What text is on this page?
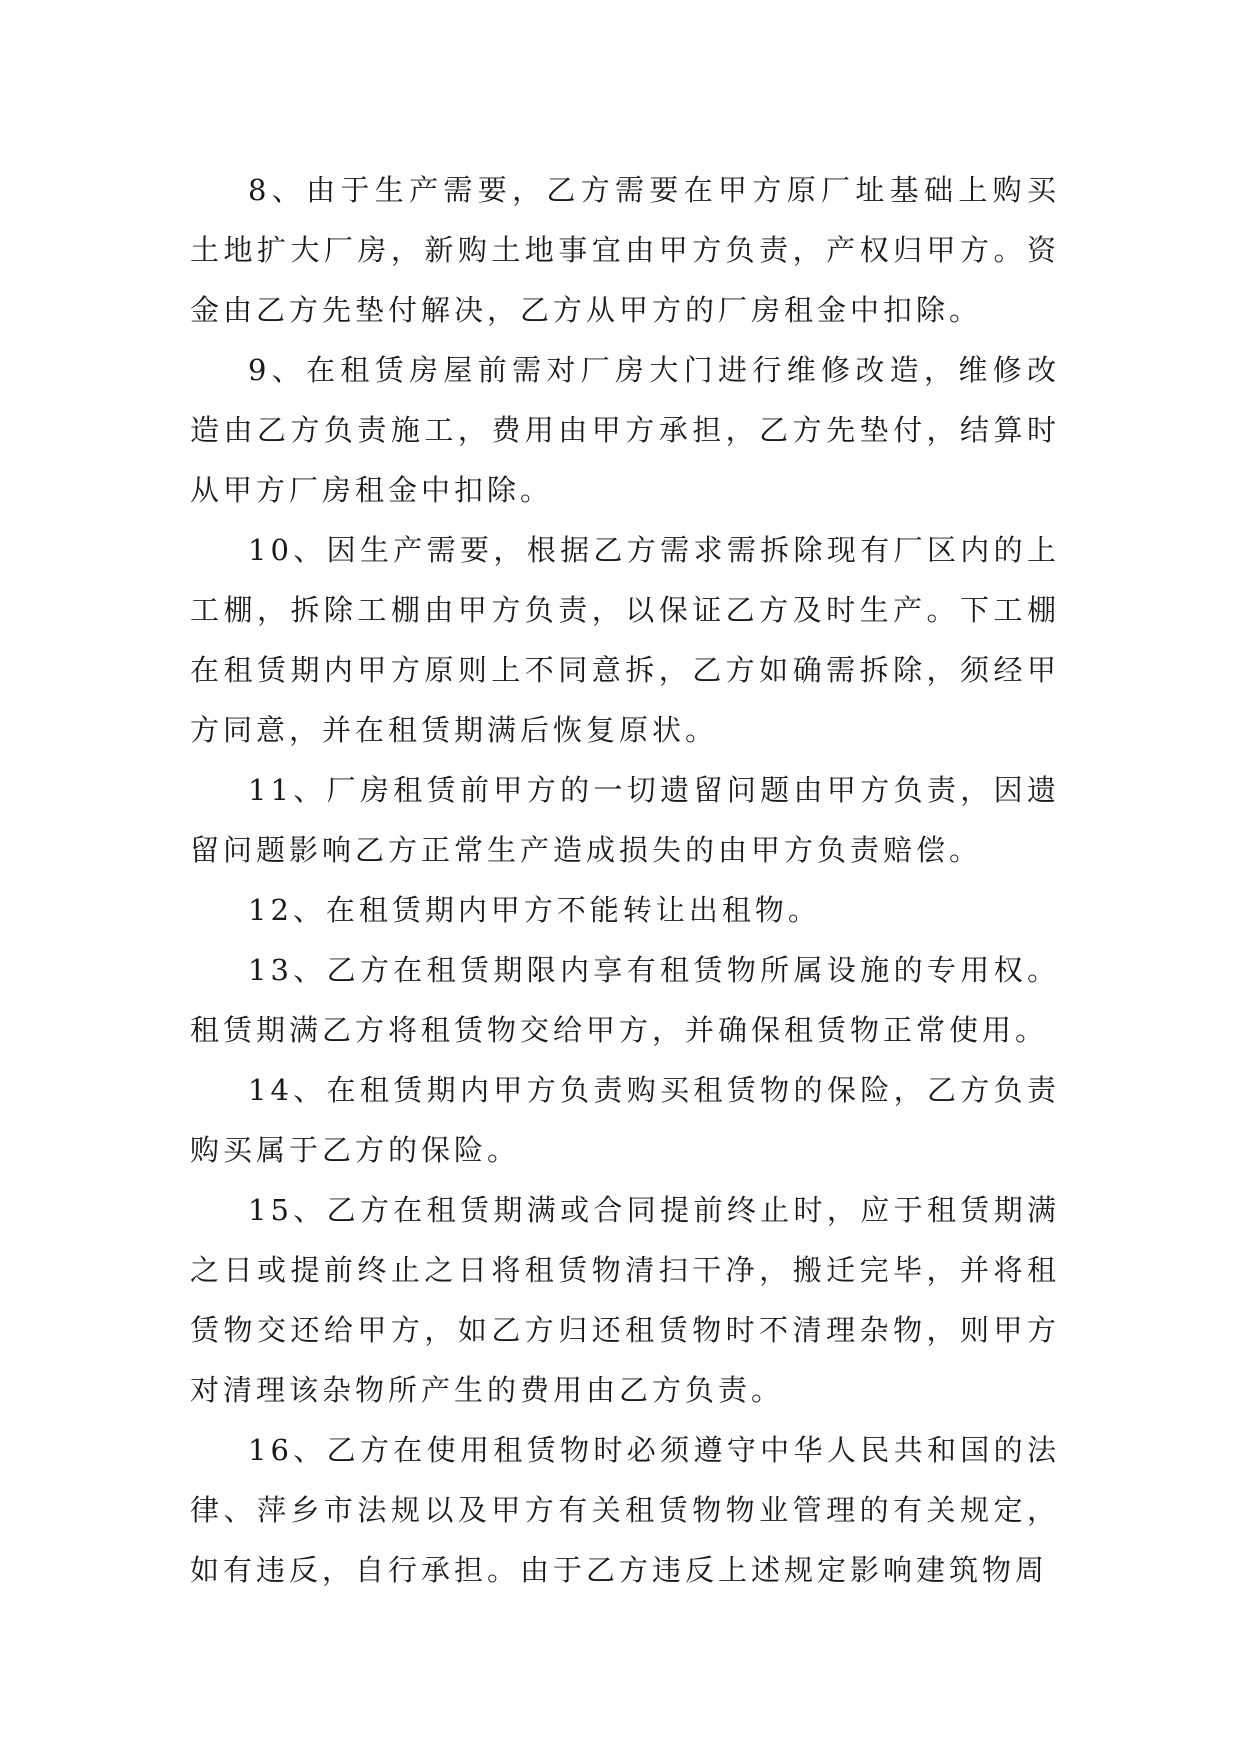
8、由于生产需要，乙方需要在甲方原厂址基础上购买土地扩大厂房，新购土地事宜由甲方负责，产权归甲方。资金由乙方先垫付解决，乙方从甲方的厂房租金中扣除。

9、在租赁房屋前需对厂房大门进行维修改造，维修改造由乙方负责施工，费用由甲方承担，乙方先垫付，结算时从甲方厂房租金中扣除。

10、因生产需要，根据乙方需求需拆除现有厂区内的上工棚，拆除工棚由甲方负责，以保证乙方及时生产。下工棚在租赁期内甲方原则上不同意拆，乙方如确需拆除，须经甲方同意，并在租赁期满后恢复原状。

11、厂房租赁前甲方的一切遗留问题由甲方负责，因遗留问题影响乙方正常生产造成损失的由甲方负责赔偿。

12、在租赁期内甲方不能转让出租物。

13、乙方在租赁期限内享有租赁物所属设施的专用权。租赁期满乙方将租赁物交给甲方，并确保租赁物正常使用。

14、在租赁期内甲方负责购买租赁物的保险，乙方负责购买属于乙方的保险。

15、乙方在租赁期满或合同提前终止时，应于租赁期满之日或提前终止之日将租赁物清扫干净，搬迁完毕，并将租赁物交还给甲方，如乙方归还租赁物时不清理杂物，则甲方对清理该杂物所产生的费用由乙方负责。

16、乙方在使用租赁物时必须遵守中华人民共和国的法律、萍乡市法规以及甲方有关租赁物物业管理的有关规定，如有违反，自行承担。由于乙方违反上述规定影响建筑物周
